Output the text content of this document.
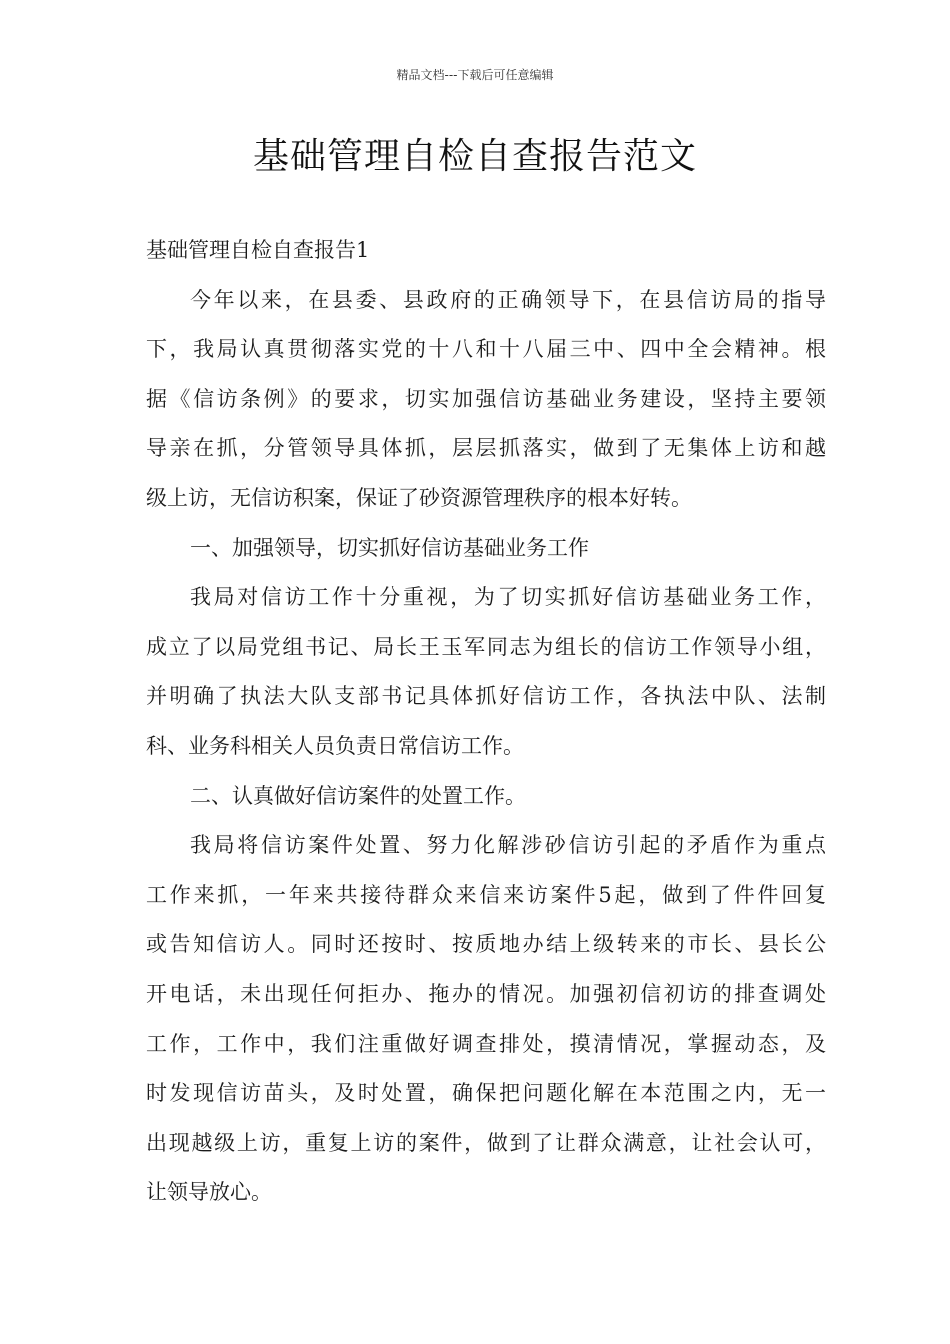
精品文档---下载后可任意编辑
基础管理自检自查报告范文
基础管理自检自查报告1
今年以来，在县委、县政府的正确领导下，在县信访局的指导
下，我局认真贯彻落实党的十八和十八届三中、四中全会精神。根
据《信访条例》的要求，切实加强信访基础业务建设，坚持主要领
导亲在抓，分管领导具体抓，层层抓落实，做到了无集体上访和越
级上访，无信访积案，保证了砂资源管理秩序的根本好转。
一、加强领导，切实抓好信访基础业务工作
我局对信访工作十分重视，为了切实抓好信访基础业务工作，
成立了以局党组书记、局长王玉军同志为组长的信访工作领导小组，
并明确了执法大队支部书记具体抓好信访工作，各执法中队、法制
科、业务科相关人员负责日常信访工作。
二、认真做好信访案件的处置工作。
我局将信访案件处置、努力化解涉砂信访引起的矛盾作为重点
工作来抓，一年来共接待群众来信来访案件5起，做到了件件回复
或告知信访人。同时还按时、按质地办结上级转来的市长、县长公
开电话，未出现任何拒办、拖办的情况。加强初信初访的排查调处
工作，工作中，我们注重做好调查排处，摸清情况，掌握动态，及
时发现信访苗头，及时处置，确保把问题化解在本范围之内，无一
出现越级上访，重复上访的案件，做到了让群众满意，让社会认可，
让领导放心。
